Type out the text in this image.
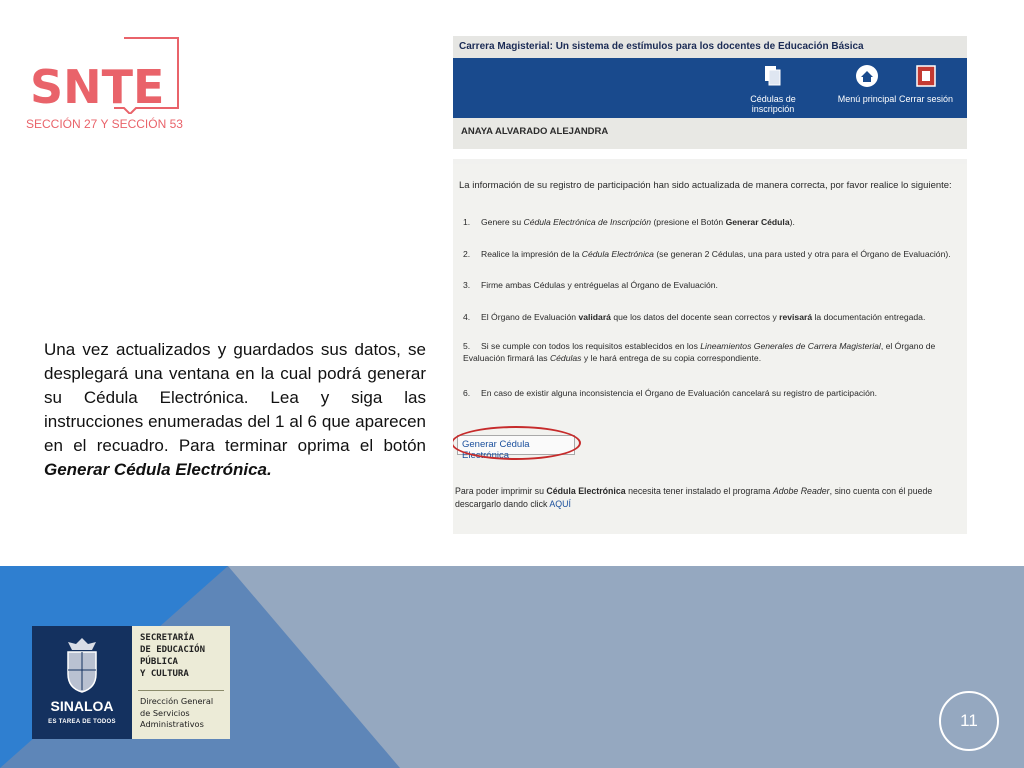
SNTE
SECCIÓN 27 Y SECCIÓN 53

Una vez actualizados y guardados sus datos, se desplegará una ventana en la cual podrá generar su Cédula Electrónica. Lea y siga las instrucciones enumeradas del 1 al 6 que aparecen en el recuadro. Para terminar oprima el botón Generar Cédula Electrónica.

Carrera Magisterial: Un sistema de estímulos para los docentes de Educación Básica
Cédulas de inscripción
Menú principal Cerrar sesión
ANAYA ALVARADO ALEJANDRA
La información de su registro de participación han sido actualizada de manera correcta, por favor realice lo siguiente:
1. Genere su Cédula Electrónica de Inscripción (presione el Botón Generar Cédula).
2. Realice la impresión de la Cédula Electrónica (se generan 2 Cédulas, una para usted y otra para el Órgano de Evaluación).
3. Firme ambas Cédulas y entréguelas al Órgano de Evaluación.
4. El Órgano de Evaluación validará que los datos del docente sean correctos y revisará la documentación entregada.
5. Si se cumple con todos los requisitos establecidos en los Lineamientos Generales de Carrera Magisterial, el Órgano de Evaluación firmará las Cédulas y le hará entrega de su copia correspondiente.
6. En caso de existir alguna inconsistencia el Órgano de Evaluación cancelará su registro de participación.
Generar Cédula Electrónica
Para poder imprimir su Cédula Electrónica necesita tener instalado el programa Adobe Reader, sino cuenta con él puede descargarlo dando click AQUÍ
SINALOA
ES TAREA DE TODOS
SECRETARÍA
DE EDUCACIÓN
PÚBLICA
Y CULTURA
Dirección General
de Servicios
Administrativos	11
